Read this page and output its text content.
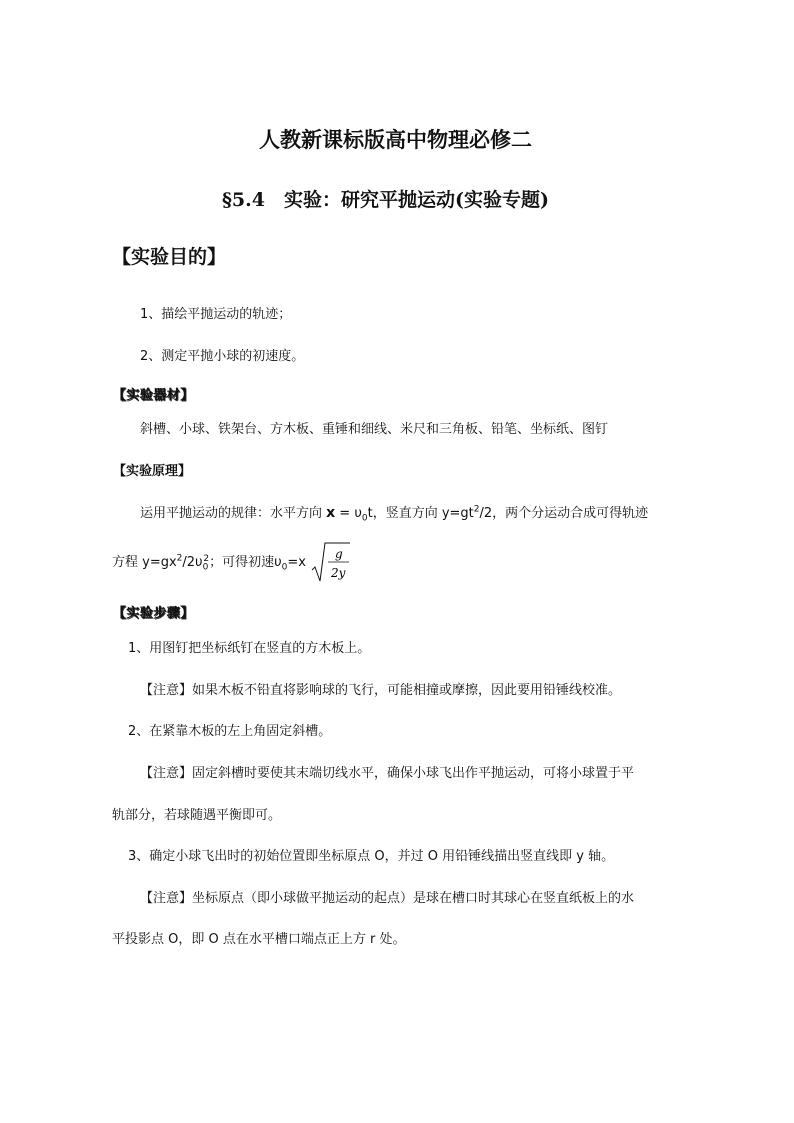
人教新课标版高中物理必修二
§5.4　实验：研究平抛运动(实验专题)
【实验目的】
1、描绘平抛运动的轨迹；
2、测定平抛小球的初速度。
【实验器材】
斜槽、小球、铁架台、方木板、重锤和细线、米尺和三角板、铅笔、坐标纸、图钉
【实验原理】
运用平抛运动的规律：水平方向 $x = \upsilon_0t$，竖直方向 $y=gt^2/2$，两个分运动合成可得轨迹
方程 $y=gx^2/2\upsilon_0^2$；可得初速$\upsilon_0=x$
g
2y
【实验步骤】
1、用图钉把坐标纸钉在竖直的方木板上。
【注意】如果木板不铅直将影响球的飞行，可能相撞或摩擦，因此要用铅锤线校准。
2、在紧靠木板的左上角固定斜槽。
【注意】固定斜槽时要使其末端切线水平，确保小球飞出作平抛运动，可将小球置于平
轨部分，若球随遇平衡即可。
3、确定小球飞出时的初始位置即坐标原点 O，并过 O 用铅锤线描出竖直线即 y 轴。
【注意】坐标原点（即小球做平抛运动的起点）是球在槽口时其球心在竖直纸板上的水
平投影点 O，即 O 点在水平槽口端点正上方 r 处。
